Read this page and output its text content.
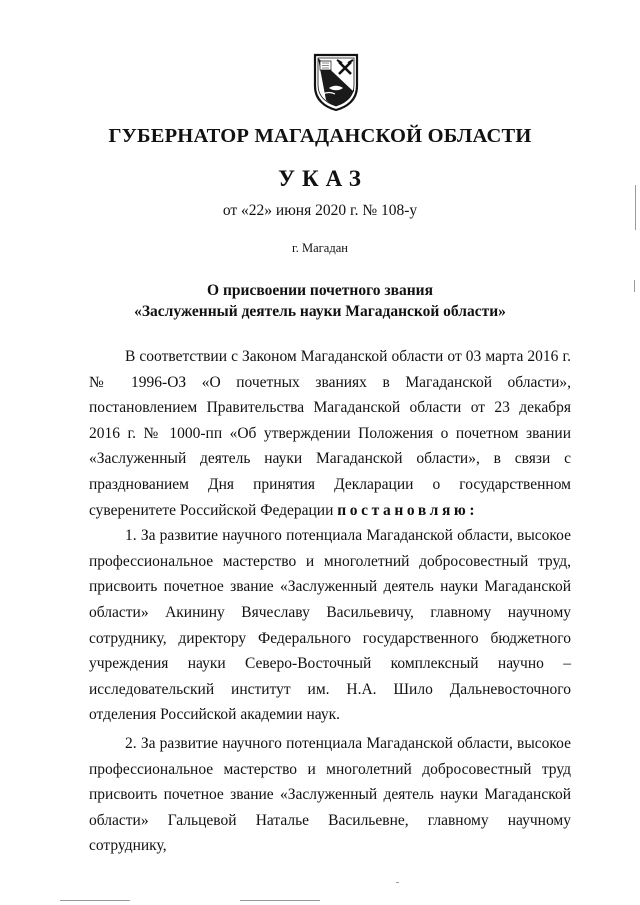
ГУБЕРНАТОР МАГАДАНСКОЙ ОБЛАСТИ
УКАЗ
от «22» июня 2020 г. № 108-у
г. Магадан
О присвоении почетного звания
«Заслуженный деятель науки Магаданской области»

В соответствии с Законом Магаданской области от 03 марта 2016 г. № 1996-ОЗ «О почетных званиях в Магаданской области», постановлением Правительства Магаданской области от 23 декабря 2016 г. № 1000-пп «Об утверждении Положения о почетном звании «Заслуженный деятель науки Магаданской области», в связи с празднованием Дня принятия Декларации о государственном суверенитете Российской Федерации постановляю:

1. За развитие научного потенциала Магаданской области, высокое профессиональное мастерство и многолетний добросовестный труд, присвоить почетное звание «Заслуженный деятель науки Магаданской области» Акинину Вячеславу Васильевичу, главному научному сотруднику, директору Федерального государственного бюджетного учреждения науки Северо-Восточный комплексный научно – исследовательский институт им. Н.А. Шило Дальневосточного отделения Российской академии наук.

2. За развитие научного потенциала Магаданской области, высокое профессиональное мастерство и многолетний добросовестный труд присвоить почетное звание «Заслуженный деятель науки Магаданской области» Гальцевой Наталье Васильевне, главному научному сотруднику,
